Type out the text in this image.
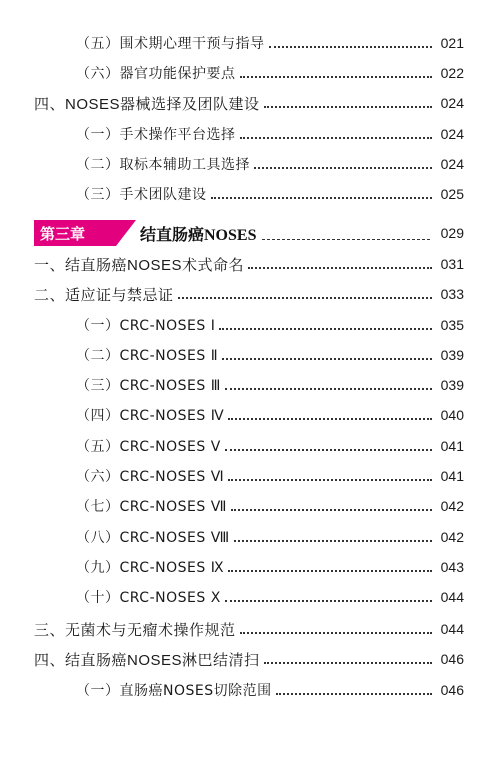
（五）围术期心理干预与指导	021
（六）器官功能保护要点	022
四、NOSES器械选择及团队建设	024
（一）手术操作平台选择	024
（二）取标本辅助工具选择	024
（三）手术团队建设	025
第三章	结直肠癌NOSES	029
一、结直肠癌NOSES术式命名	031
二、适应证与禁忌证	033
（一）CRC-NOSES Ⅰ	035
（二）CRC-NOSES Ⅱ	039
（三）CRC-NOSES Ⅲ	039
（四）CRC-NOSES Ⅳ	040
（五）CRC-NOSES Ⅴ	041
（六）CRC-NOSES Ⅵ	041
（七）CRC-NOSES Ⅶ	042
（八）CRC-NOSES Ⅷ	042
（九）CRC-NOSES Ⅸ	043
（十）CRC-NOSES Ⅹ	044
三、无菌术与无瘤术操作规范	044
四、结直肠癌NOSES淋巴结清扫	046
（一）直肠癌NOSES切除范围	046
